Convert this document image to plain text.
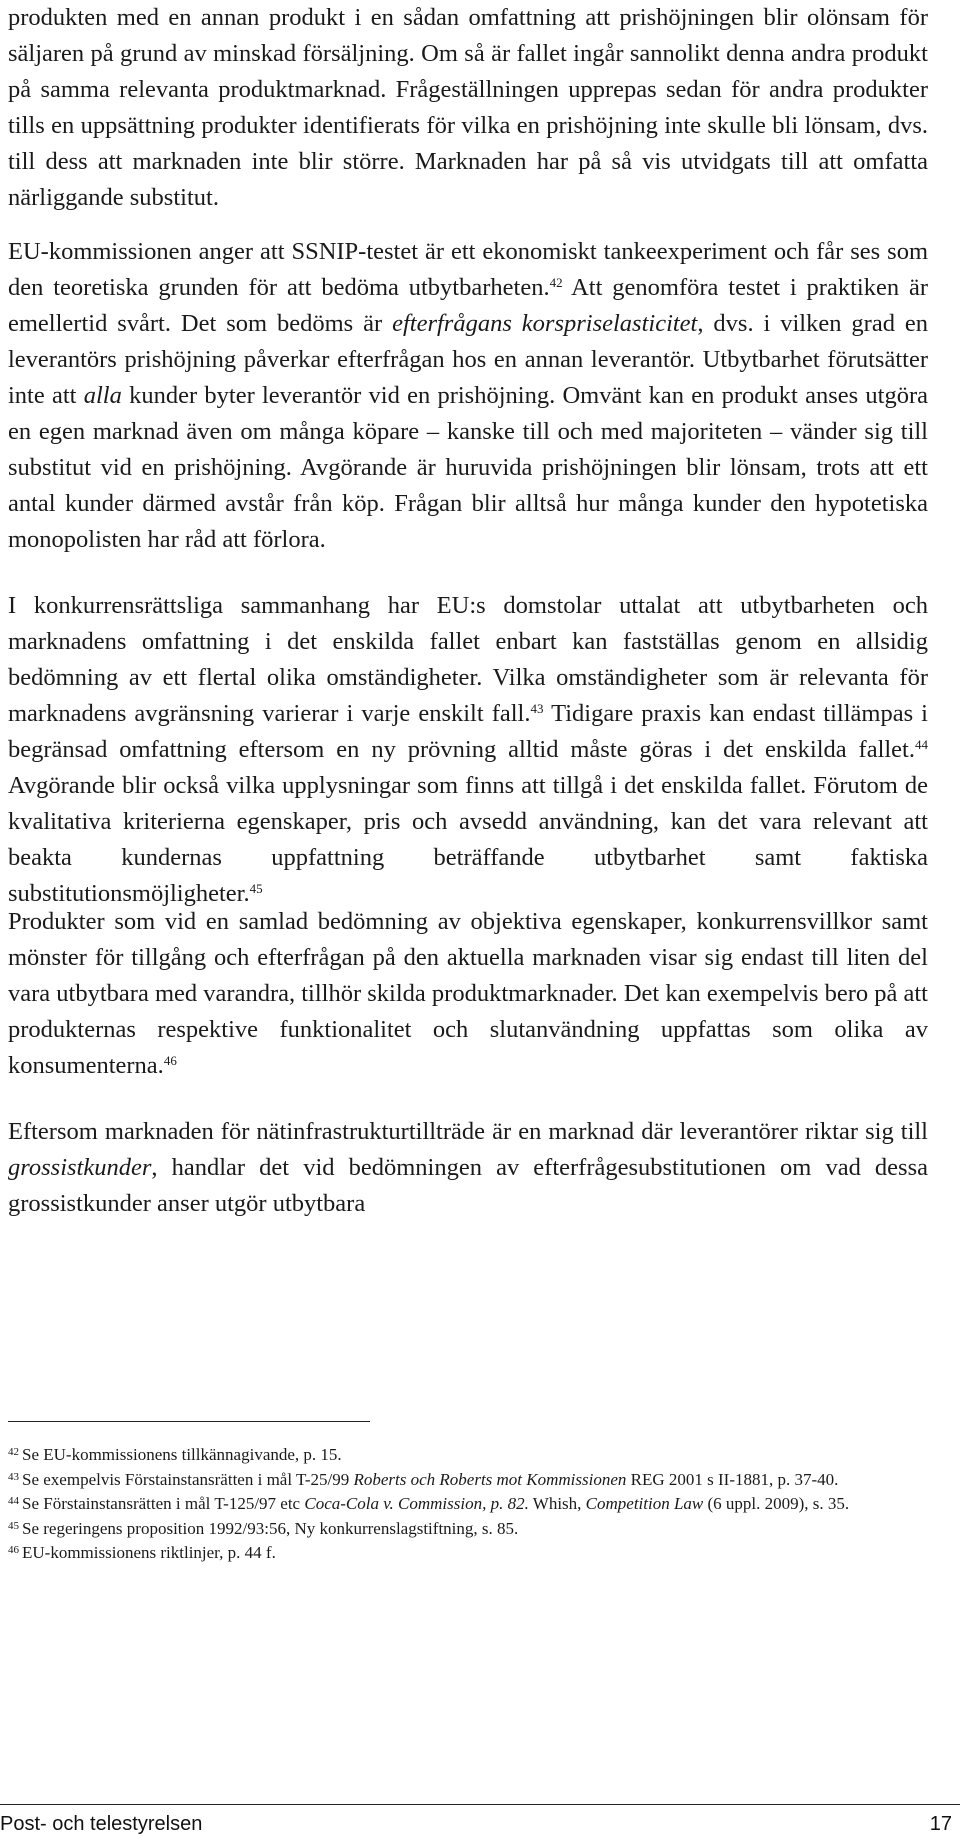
produkten med en annan produkt i en sådan omfattning att prishöjningen blir olönsam för säljaren på grund av minskad försäljning. Om så är fallet ingår sannolikt denna andra produkt på samma relevanta produktmarknad. Frågeställningen upprepas sedan för andra produkter tills en uppsättning produkter identifierats för vilka en prishöjning inte skulle bli lönsam, dvs. till dess att marknaden inte blir större. Marknaden har på så vis utvidgats till att omfatta närliggande substitut.
EU-kommissionen anger att SSNIP-testet är ett ekonomiskt tankeexperiment och får ses som den teoretiska grunden för att bedöma utbytbarheten.$^{42}$ Att genomföra testet i praktiken är emellertid svårt. Det som bedöms är efterfrågans korspriselasticitet, dvs. i vilken grad en leverantörs prishöjning påverkar efterfrågan hos en annan leverantör. Utbytbarhet förutsätter inte att alla kunder byter leverantör vid en prishöjning. Omvänt kan en produkt anses utgöra en egen marknad även om många köpare – kanske till och med majoriteten – vänder sig till substitut vid en prishöjning. Avgörande är huruvida prishöjningen blir lönsam, trots att ett antal kunder därmed avstår från köp. Frågan blir alltså hur många kunder den hypotetiska monopolisten har råd att förlora.
I konkurrensrättsliga sammanhang har EU:s domstolar uttalat att utbytbarheten och marknadens omfattning i det enskilda fallet enbart kan fastställas genom en allsidig bedömning av ett flertal olika omständigheter. Vilka omständigheter som är relevanta för marknadens avgränsning varierar i varje enskilt fall.$^{43}$ Tidigare praxis kan endast tillämpas i begränsad omfattning eftersom en ny prövning alltid måste göras i det enskilda fallet.$^{44}$ Avgörande blir också vilka upplysningar som finns att tillgå i det enskilda fallet. Förutom de kvalitativa kriterierna egenskaper, pris och avsedd användning, kan det vara relevant att beakta kundernas uppfattning beträffande utbytbarhet samt faktiska substitutionsmöjligheter.$^{45}$
Produkter som vid en samlad bedömning av objektiva egenskaper, konkurrensvillkor samt mönster för tillgång och efterfrågan på den aktuella marknaden visar sig endast till liten del vara utbytbara med varandra, tillhör skilda produktmarknader. Det kan exempelvis bero på att produkternas respektive funktionalitet och slutanvändning uppfattas som olika av konsumenterna.$^{46}$
Eftersom marknaden för nätinfrastrukturtillträde är en marknad där leverantörer riktar sig till grossistkunder, handlar det vid bedömningen av efterfrågesubstitutionen om vad dessa grossistkunder anser utgör utbytbara
$^{42}$ Se EU-kommissionens tillkännagivande, p. 15.
$^{43}$ Se exempelvis Förstainstansrätten i mål T-25/99 Roberts och Roberts mot Kommissionen REG 2001 s II-1881, p. 37-40.
$^{44}$ Se Förstainstansrätten i mål T-125/97 etc Coca-Cola v. Commission, p. 82. Whish, Competition Law (6 uppl. 2009), s. 35.
$^{45}$ Se regeringens proposition 1992/93:56, Ny konkurrenslagstiftning, s. 85.
$^{46}$ EU-kommissionens riktlinjer, p. 44 f.
Post- och telestyrelsen	17
